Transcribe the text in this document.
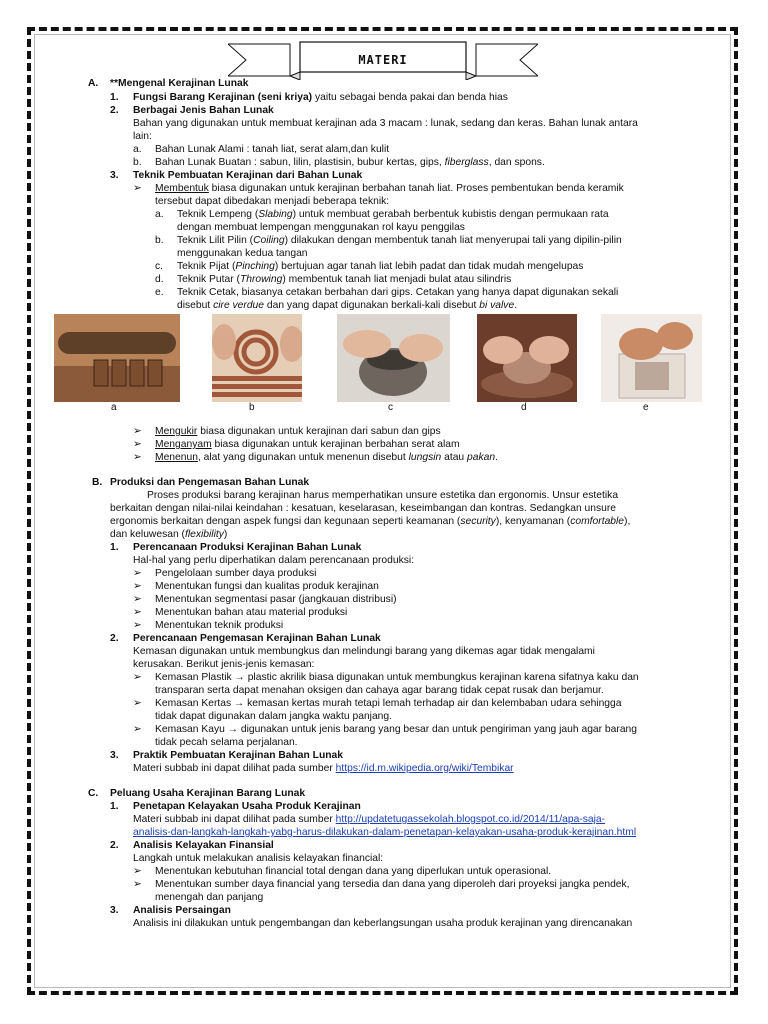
MATERI
A. **Mengenal Kerajinan Lunak
1. Fungsi Barang Kerajinan (seni kriya) yaitu sebagai benda pakai dan benda hias
2. Berbagai Jenis Bahan Lunak
Bahan yang digunakan untuk membuat kerajinan ada 3 macam : lunak, sedang dan keras. Bahan lunak antara
lain:
a. Bahan Lunak Alami : tanah liat, serat alam,dan kulit
b. Bahan Lunak Buatan : sabun, lilin, plastisin, bubur kertas, gips, fiberglass, dan spons.
3. Teknik Pembuatan Kerajinan dari Bahan Lunak
➢ Membentuk biasa digunakan untuk kerajinan berbahan tanah liat. Proses pembentukan benda keramik
tersebut dapat dibedakan menjadi beberapa teknik:
a. Teknik Lempeng (Slabing) untuk membuat gerabah berbentuk kubistis dengan permukaan rata
dengan membuat lempengan menggunakan rol kayu penggilas
b. Teknik Lilit Pilin (Coiling) dilakukan dengan membentuk tanah liat menyerupai tali yang dipilin-pilin
menggunakan kedua tangan
c. Teknik Pijat (Pinching) bertujuan agar tanah liat lebih padat dan tidak mudah mengelupas
d. Teknik Putar (Throwing) membentuk tanah liat menjadi bulat atau silindris
e. Teknik Cetak, biasanya cetakan berbahan dari gips. Cetakan yang hanya dapat digunakan sekali
disebut cire verdue dan yang dapat digunakan berkali-kali disebut bi valve.
➢ Mengukir biasa digunakan untuk kerajinan dari sabun dan gips
➢ Menganyam biasa digunakan untuk kerajinan berbahan serat alam
➢ Menenun, alat yang digunakan untuk menenun disebut lungsin atau pakan.
B. Produksi dan Pengemasan Bahan Lunak
Proses produksi barang kerajinan harus memperhatikan unsure estetika dan ergonomis. Unsur estetika
berkaitan dengan nilai-nilai keindahan : kesatuan, keselarasan, keseimbangan dan kontras. Sedangkan unsure
ergonomis berkaitan dengan aspek fungsi dan kegunaan seperti keamanan (security), kenyamanan (comfortable),
dan keluwesan (flexibility)
1. Perencanaan Produksi Kerajinan Bahan Lunak
Hal-hal yang perlu diperhatikan dalam perencanaan produksi:
➢ Pengelolaan sumber daya produksi
➢ Menentukan fungsi dan kualitas produk kerajinan
➢ Menentukan segmentasi pasar (jangkauan distribusi)
➢ Menentukan bahan atau material produksi
➢ Menentukan teknik produksi
2. Perencanaan Pengemasan Kerajinan Bahan Lunak
Kemasan digunakan untuk membungkus dan melindungi barang yang dikemas agar tidak mengalami
kerusakan. Berikut jenis-jenis kemasan:
➢ Kemasan Plastik → plastic akrilik biasa digunakan untuk membungkus kerajinan karena sifatnya kaku dan
transparan serta dapat menahan oksigen dan cahaya agar barang tidak cepat rusak dan berjamur.
➢ Kemasan Kertas → kemasan kertas murah tetapi lemah terhadap air dan kelembaban udara sehingga
tidak dapat digunakan dalam jangka waktu panjang.
➢ Kemasan Kayu → digunakan untuk jenis barang yang besar dan untuk pengiriman yang jauh agar barang
tidak pecah selama perjalanan.
3. Praktik Pembuatan Kerajinan Bahan Lunak
Materi subbab ini dapat dilihat pada sumber https://id.m.wikipedia.org/wiki/Tembikar
C. Peluang Usaha Kerajinan Barang Lunak
1. Penetapan Kelayakan Usaha Produk Kerajinan
Materi subbab ini dapat dilihat pada sumber http://updatetugassekolah.blogspot.co.id/2014/11/apa-saja-
analisis-dan-langkah-langkah-yabg-harus-dilakukan-dalam-penetapan-kelayakan-usaha-produk-kerajinan.html
2. Analisis Kelayakan Finansial
Langkah untuk melakukan analisis kelayakan financial:
➢ Menentukan kebutuhan financial total dengan dana yang diperlukan untuk operasional.
➢ Menentukan sumber daya financial yang tersedia dan dana yang diperoleh dari proyeksi jangka pendek,
menengah dan panjang
3. Analisis Persaingan
Analisis ini dilakukan untuk pengembangan dan keberlangsungan usaha produk kerajinan yang direncanakan
a	b	c	d	e
